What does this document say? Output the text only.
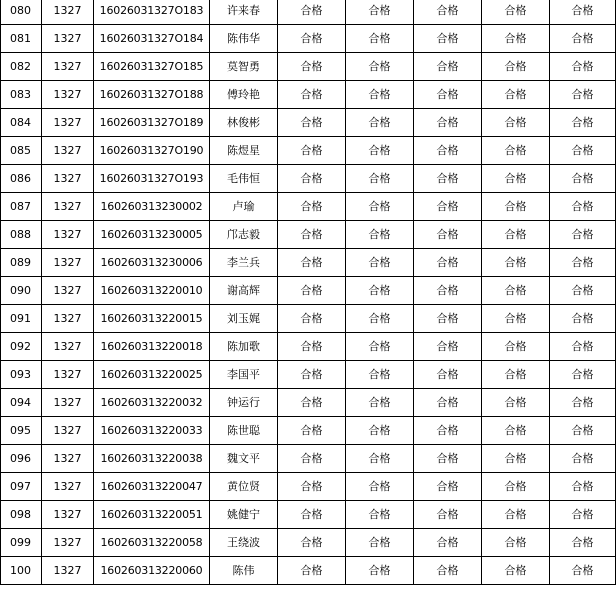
080	1327	16026031327O183	许来春	合格	合格	合格	合格	合格
081	1327	16026031327O184	陈伟华	合格	合格	合格	合格	合格
082	1327	16026031327O185	莫智勇	合格	合格	合格	合格	合格
083	1327	16026031327O188	傅玲艳	合格	合格	合格	合格	合格
084	1327	16026031327O189	林俊彬	合格	合格	合格	合格	合格
085	1327	16026031327O190	陈煜星	合格	合格	合格	合格	合格
086	1327	16026031327O193	毛伟恒	合格	合格	合格	合格	合格
087	1327	160260313230002	卢瑜	合格	合格	合格	合格	合格
088	1327	160260313230005	邝志毅	合格	合格	合格	合格	合格
089	1327	160260313230006	李兰兵	合格	合格	合格	合格	合格
090	1327	160260313220010	谢高辉	合格	合格	合格	合格	合格
091	1327	160260313220015	刘玉娓	合格	合格	合格	合格	合格
092	1327	160260313220018	陈加歌	合格	合格	合格	合格	合格
093	1327	160260313220025	李国平	合格	合格	合格	合格	合格
094	1327	160260313220032	钟运行	合格	合格	合格	合格	合格
095	1327	160260313220033	陈世聪	合格	合格	合格	合格	合格
096	1327	160260313220038	魏文平	合格	合格	合格	合格	合格
097	1327	160260313220047	黄位贤	合格	合格	合格	合格	合格
098	1327	160260313220051	姚健宁	合格	合格	合格	合格	合格
099	1327	160260313220058	王绕波	合格	合格	合格	合格	合格
100	1327	160260313220060	陈伟	合格	合格	合格	合格	合格
